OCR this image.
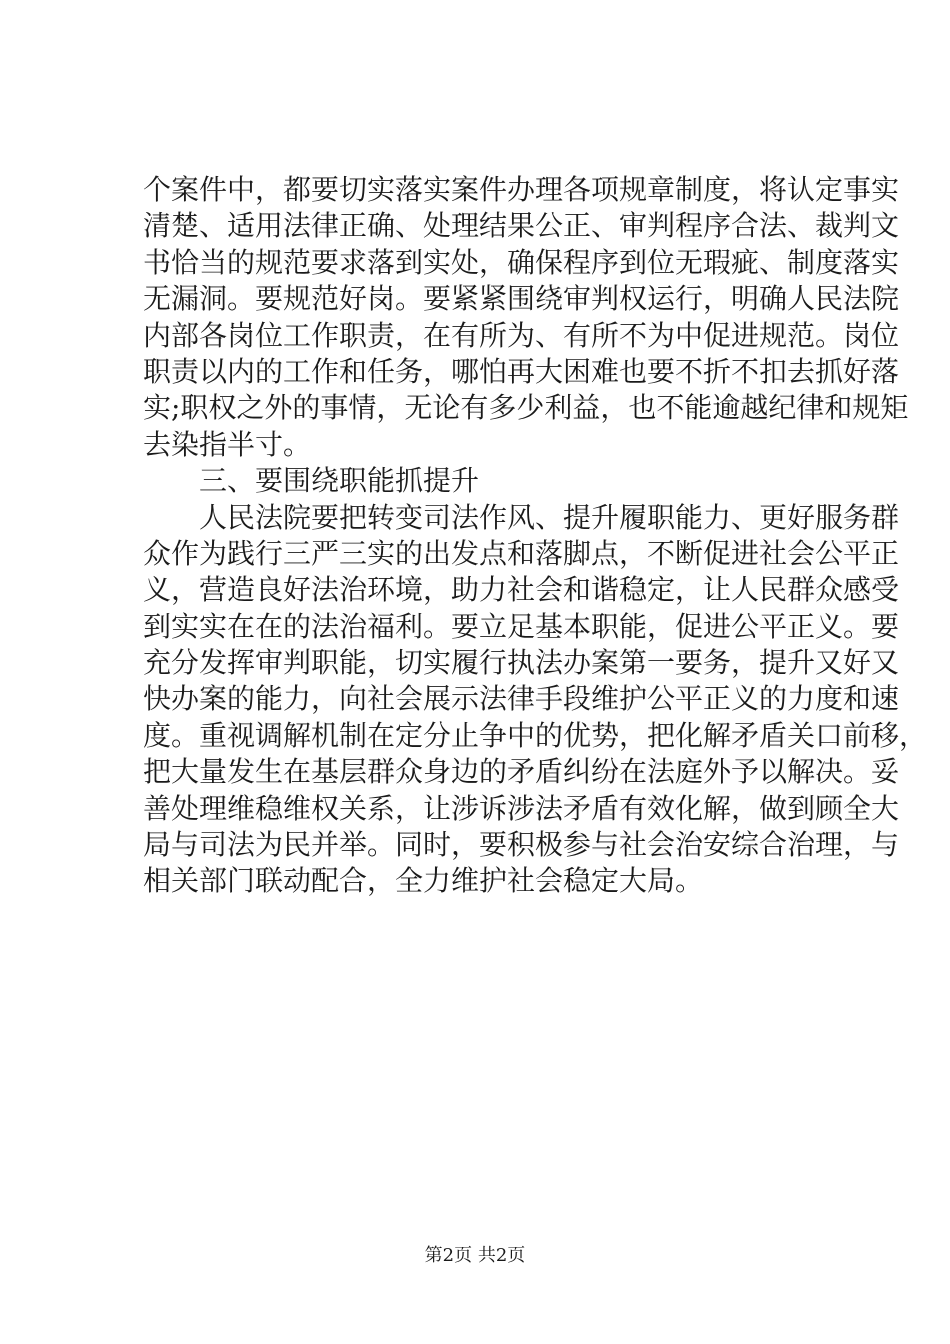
个案件中，都要切实落实案件办理各项规章制度，将认定事实
清楚、适用法律正确、处理结果公正、审判程序合法、裁判文
书恰当的规范要求落到实处，确保程序到位无瑕疵、制度落实
无漏洞。要规范好岗。要紧紧围绕审判权运行，明确人民法院
内部各岗位工作职责，在有所为、有所不为中促进规范。岗位
职责以内的工作和任务，哪怕再大困难也要不折不扣去抓好落
实;职权之外的事情，无论有多少利益，也不能逾越纪律和规矩
去染指半寸。
　　三、要围绕职能抓提升
　　人民法院要把转变司法作风、提升履职能力、更好服务群
众作为践行三严三实的出发点和落脚点，不断促进社会公平正
义，营造良好法治环境，助力社会和谐稳定，让人民群众感受
到实实在在的法治福利。要立足基本职能，促进公平正义。要
充分发挥审判职能，切实履行执法办案第一要务，提升又好又
快办案的能力，向社会展示法律手段维护公平正义的力度和速
度。重视调解机制在定分止争中的优势，把化解矛盾关口前移，
把大量发生在基层群众身边的矛盾纠纷在法庭外予以解决。妥
善处理维稳维权关系，让涉诉涉法矛盾有效化解，做到顾全大
局与司法为民并举。同时，要积极参与社会治安综合治理，与
相关部门联动配合，全力维护社会稳定大局。
第2页 共2页
